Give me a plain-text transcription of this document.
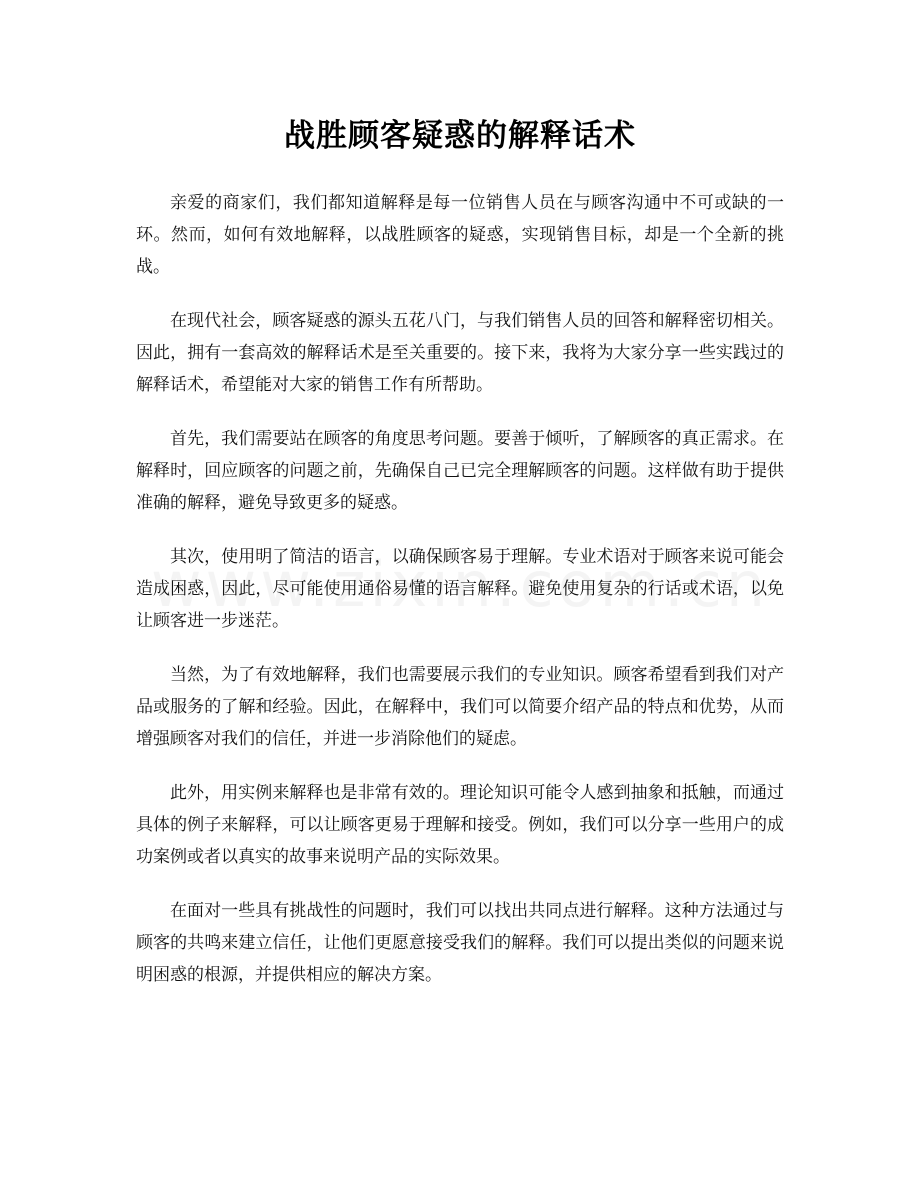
战胜顾客疑惑的解释话术

亲爱的商家们，我们都知道解释是每一位销售人员在与顾客沟通中不可或缺的一环。然而，如何有效地解释，以战胜顾客的疑惑，实现销售目标，却是一个全新的挑战。

在现代社会，顾客疑惑的源头五花八门，与我们销售人员的回答和解释密切相关。因此，拥有一套高效的解释话术是至关重要的。接下来，我将为大家分享一些实践过的解释话术，希望能对大家的销售工作有所帮助。

首先，我们需要站在顾客的角度思考问题。要善于倾听，了解顾客的真正需求。在解释时，回应顾客的问题之前，先确保自己已完全理解顾客的问题。这样做有助于提供准确的解释，避免导致更多的疑惑。

其次，使用明了简洁的语言，以确保顾客易于理解。专业术语对于顾客来说可能会造成困惑，因此，尽可能使用通俗易懂的语言解释。避免使用复杂的行话或术语，以免让顾客进一步迷茫。

当然，为了有效地解释，我们也需要展示我们的专业知识。顾客希望看到我们对产品或服务的了解和经验。因此，在解释中，我们可以简要介绍产品的特点和优势，从而增强顾客对我们的信任，并进一步消除他们的疑虑。

此外，用实例来解释也是非常有效的。理论知识可能令人感到抽象和抵触，而通过具体的例子来解释，可以让顾客更易于理解和接受。例如，我们可以分享一些用户的成功案例或者以真实的故事来说明产品的实际效果。

在面对一些具有挑战性的问题时，我们可以找出共同点进行解释。这种方法通过与顾客的共鸣来建立信任，让他们更愿意接受我们的解释。我们可以提出类似的问题来说明困惑的根源，并提供相应的解决方案。
